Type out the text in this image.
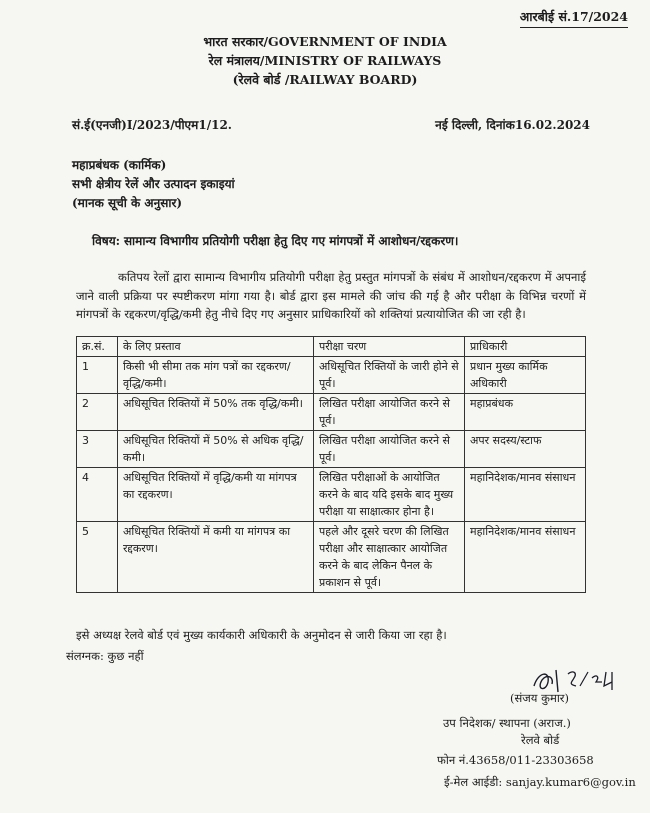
आरबीई सं.17/2024
भारत सरकार/GOVERNMENT OF INDIA
रेल मंत्रालय/MINISTRY OF RAILWAYS
(रेलवे बोर्ड /RAILWAY BOARD)
सं.ई(एनजी)I/2023/पीएम1/12.	नई दिल्ली, दिनांक16.02.2024
महाप्रबंधक (कार्मिक)
सभी क्षेत्रीय रेलें और उत्पादन इकाइयां
(मानक सूची के अनुसार)
विषय: सामान्य विभागीय प्रतियोगी परीक्षा हेतु दिए गए मांगपत्रों में आशोधन/रद्दकरण।
कतिपय रेलों द्वारा सामान्य विभागीय प्रतियोगी परीक्षा हेतु प्रस्तुत मांगपत्रों के संबंध में आशोधन/रद्दकरण में अपनाई जाने वाली प्रक्रिया पर स्पष्टीकरण मांगा गया है। बोर्ड द्वारा इस मामले की जांच की गई है और परीक्षा के विभिन्न चरणों में मांगपत्रों के रद्दकरण/वृद्धि/कमी हेतु नीचे दिए गए अनुसार प्राधिकारियों को शक्तियां प्रत्यायोजित की जा रही है।
क्र.सं.	के लिए प्रस्ताव	परीक्षा चरण	प्राधिकारी
1	किसी भी सीमा तक मांग पत्रों का रद्दकरण/वृद्धि/कमी।	अधिसूचित रिक्तियों के जारी होने से पूर्व।	प्रधान मुख्य कार्मिक अधिकारी
2	अधिसूचित रिक्तियों में 50% तक वृद्धि/कमी।	लिखित परीक्षा आयोजित करने से पूर्व।	महाप्रबंधक
3	अधिसूचित रिक्तियों में 50% से अधिक वृद्धि/कमी।	लिखित परीक्षा आयोजित करने से पूर्व।	अपर सदस्य/स्टाफ
4	अधिसूचित रिक्तियों में वृद्धि/कमी या मांगपत्र का रद्दकरण।	लिखित परीक्षाओं के आयोजित करने के बाद यदि इसके बाद मुख्य परीक्षा या साक्षात्कार होना है।	महानिदेशक/मानव संसाधन
5	अधिसूचित रिक्तियों में कमी या मांगपत्र का रद्दकरण।	पहले और दूसरे चरण की लिखित परीक्षा और साक्षात्कार आयोजित करने के बाद लेकिन पैनल के प्रकाशन से पूर्व।	महानिदेशक/मानव संसाधन
इसे अध्यक्ष रेलवे बोर्ड एवं मुख्य कार्यकारी अधिकारी के अनुमोदन से जारी किया जा रहा है।
संलग्नक: कुछ नहीं
(संजय कुमार)
उप निदेशक/ स्थापना (अराज.)
रेलवे बोर्ड
फोन नं.43658/011-23303658
ई-मेल आईडी: sanjay.kumar6@gov.in
